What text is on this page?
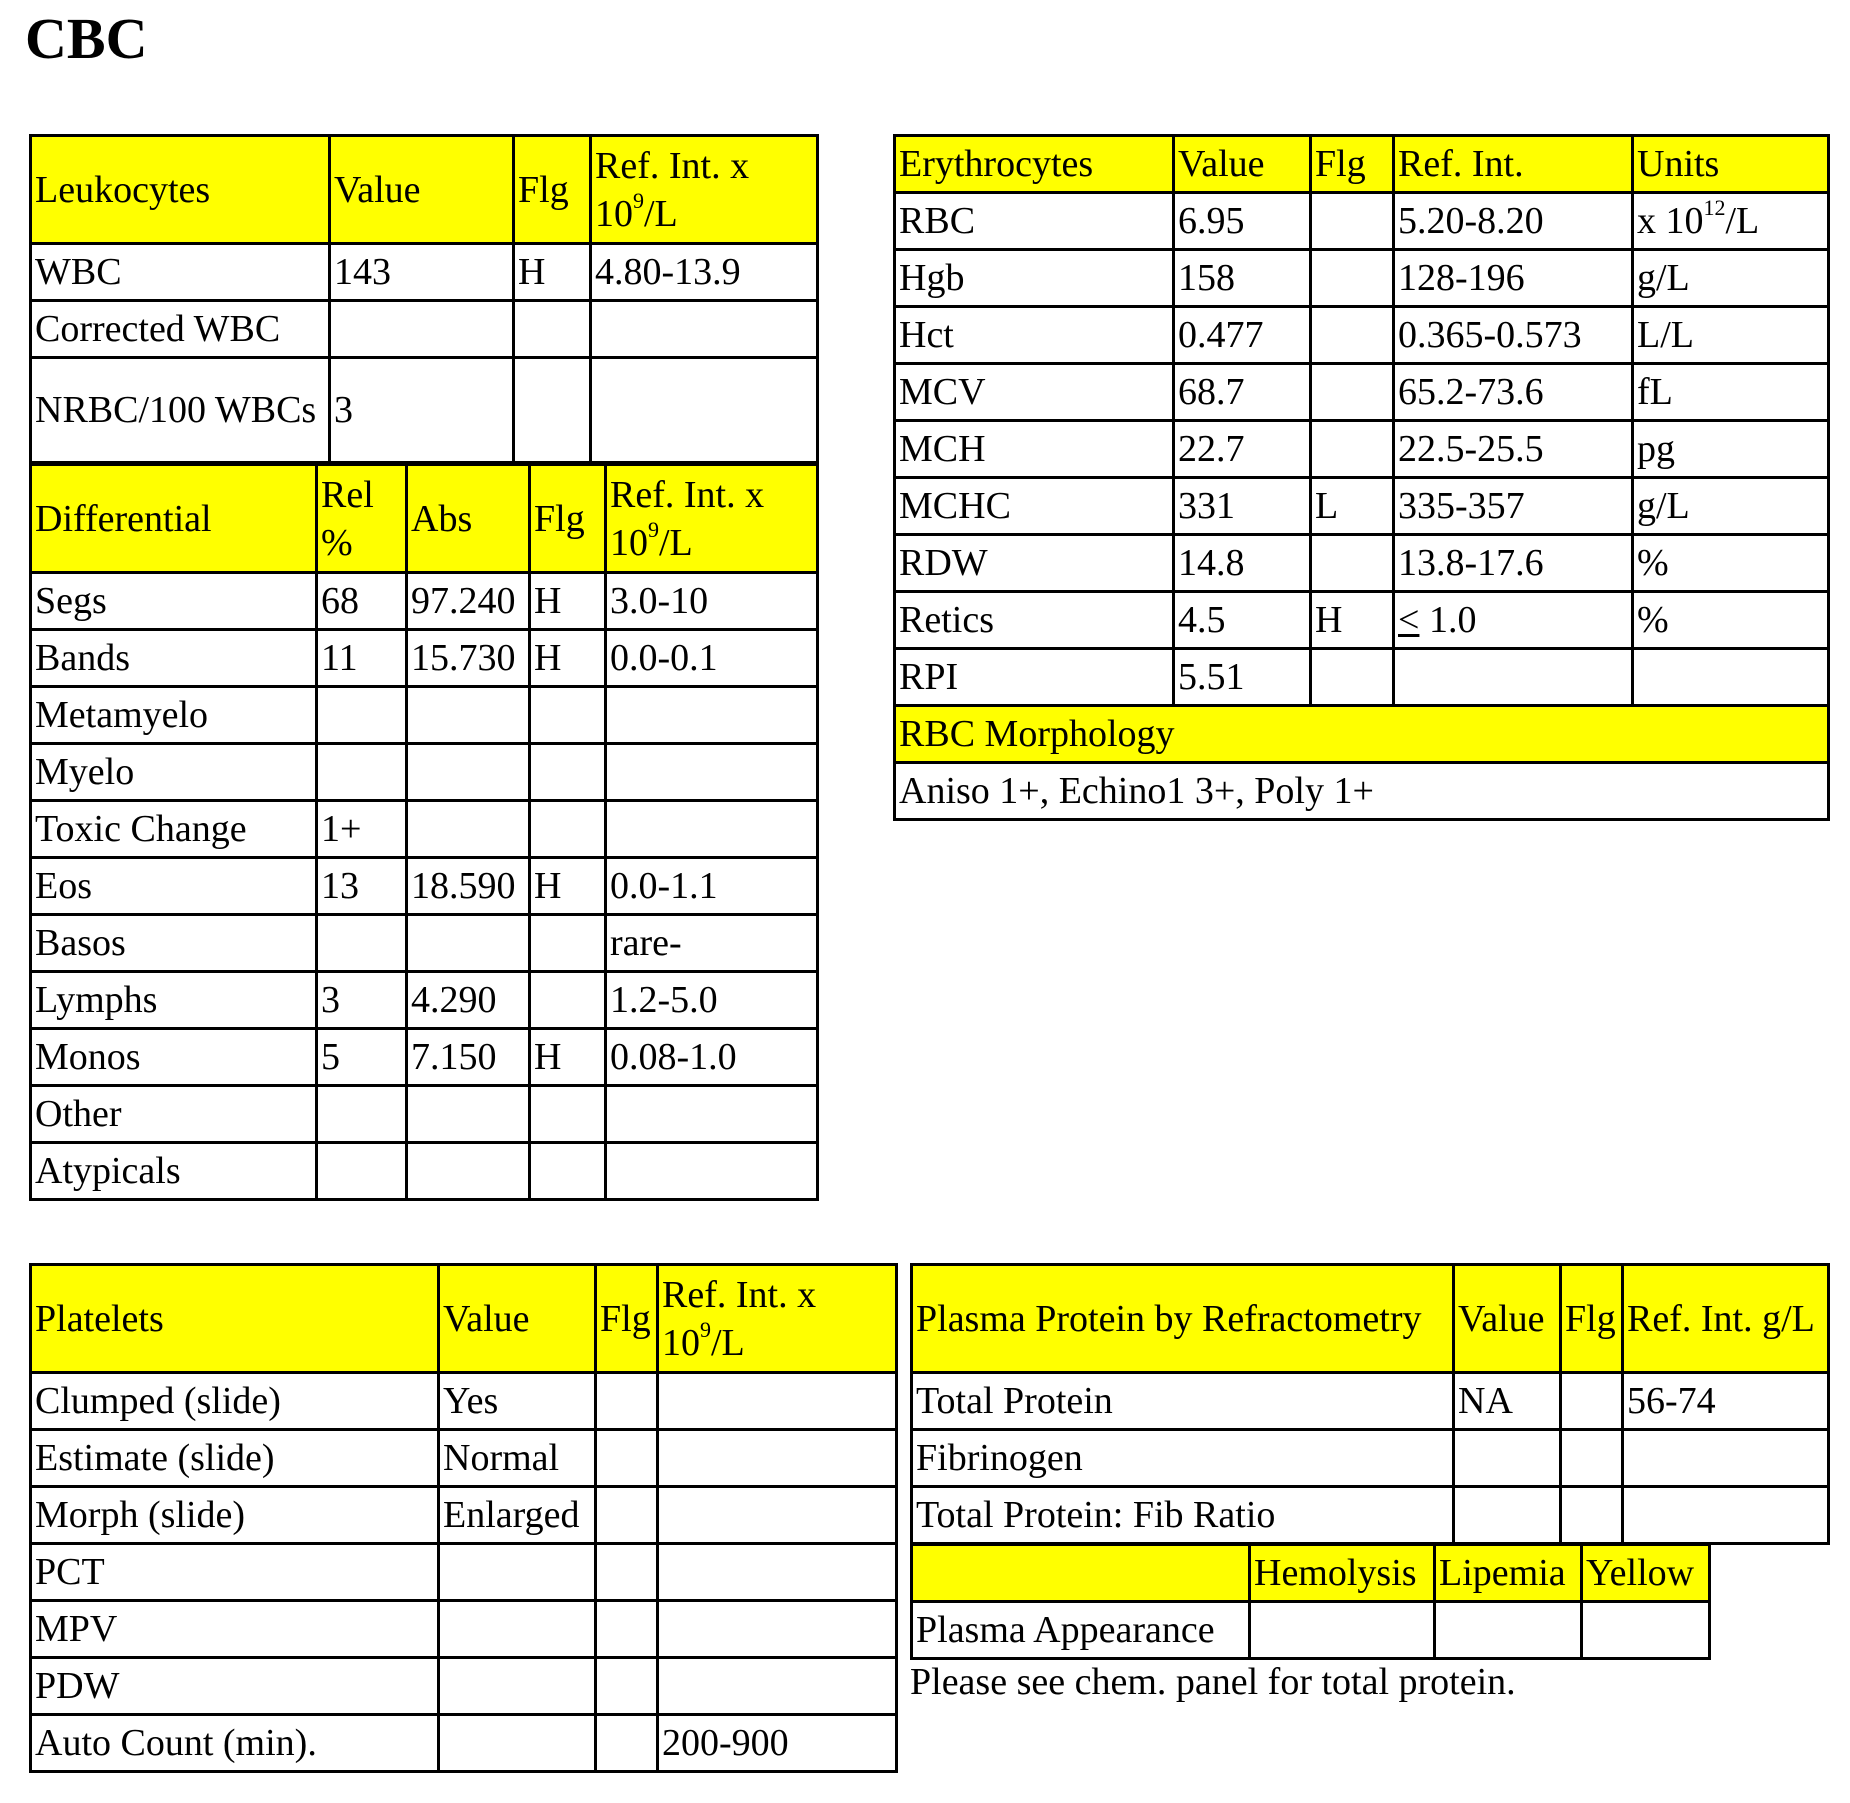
CBC
Leukocytes	Value	Flg	Ref. Int. x
$10^9/L$
WBC	143	H	4.80-13.9
Corrected WBC			
NRBC/100 WBCs	3		
Differential	Rel %	Abs	Flg	Ref. Int. x
$10^9/L$
Segs	68	97.240	H	3.0-10
Bands	11	15.730	H	0.0-0.1
Metamyelo				
Myelo				
Toxic Change	1+			
Eos	13	18.590	H	0.0-1.1
Basos				rare-
Lymphs	3	4.290		1.2-5.0
Monos	5	7.150	H	0.08-1.0
Other				
Atypicals				
Erythrocytes	Value	Flg	Ref. Int.	Units
RBC	6.95		5.20-8.20	x $10^{12}/L$
Hgb	158		128-196	g/L
Hct	0.477		0.365-0.573	L/L
MCV	68.7		65.2-73.6	fL
MCH	22.7		22.5-25.5	pg
MCHC	331	L	335-357	g/L
RDW	14.8		13.8-17.6	%
Retics	4.5	H	< 1.0	%
RPI	5.51			
RBC Morphology				
Aniso 1+, Echino1 3+, Poly 1+				
Platelets	Value	Flg	Ref. Int. x
$10^9/L$
Clumped (slide)	Yes		
Estimate (slide)	Normal		
Morph (slide)	Enlarged		
PCT			
MPV			
PDW			
Auto Count (min).			200-900
Plasma Protein by Refractometry	Value	Flg	Ref. Int. g/L
Total Protein	NA		56-74
Fibrinogen			
Total Protein: Fib Ratio			
	Hemolysis	Lipemia	Yellow
Plasma Appearance			
Please see chem. panel for total protein.
